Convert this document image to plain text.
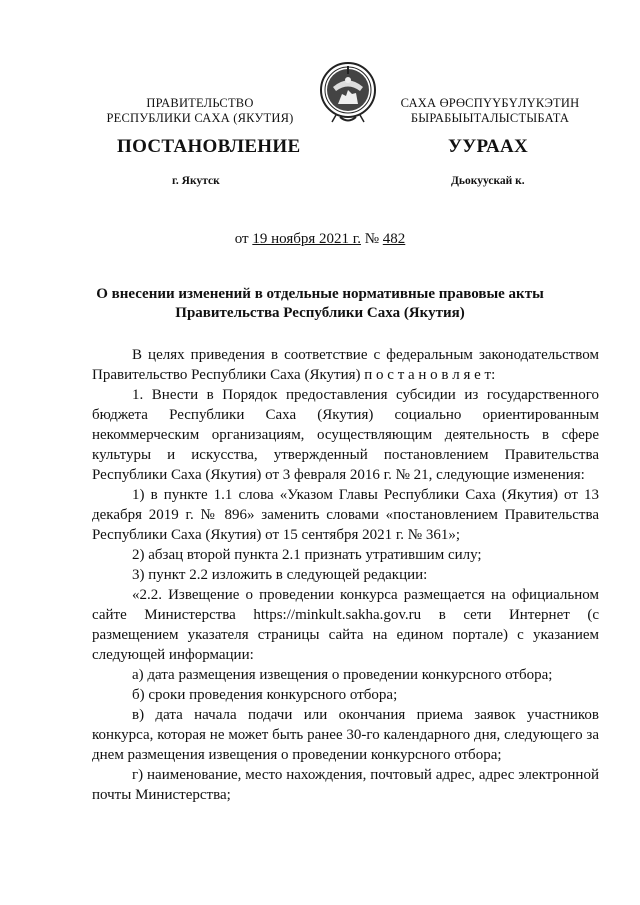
ПРАВИТЕЛЬСТВО
РЕСПУБЛИКИ САХА (ЯКУТИЯ)
САХА ӨРӨСПҮҮБҮЛҮКЭТИН
БЫРАБЫЫТАЛЫСТЫБАТА
ПОСТАНОВЛЕНИЕ	УУРААХ
г. Якутск	Дьокуускай к.
от 19 ноября 2021 г. № 482
О внесении изменений в отдельные нормативные правовые акты
Правительства Республики Саха (Якутия)

В целях приведения в соответствие с федеральным законодательством Правительство Республики Саха (Якутия) п о с т а н о в л я е т:

1. Внести в Порядок предоставления субсидии из государственного бюджета Республики Саха (Якутия) социально ориентированным некоммерческим организациям, осуществляющим деятельность в сфере культуры и искусства, утвержденный постановлением Правительства Республики Саха (Якутия) от 3 февраля 2016 г. № 21, следующие изменения:

1) в пункте 1.1 слова «Указом Главы Республики Саха (Якутия) от 13 декабря 2019 г. № 896» заменить словами «постановлением Правительства Республики Саха (Якутия) от 15 сентября 2021 г. № 361»;

2) абзац второй пункта 2.1 признать утратившим силу;

3) пункт 2.2 изложить в следующей редакции:

«2.2. Извещение о проведении конкурса размещается на официальном сайте Министерства https://minkult.sakha.gov.ru в сети Интернет (с размещением указателя страницы сайта на едином портале) с указанием следующей информации:

а) дата размещения извещения о проведении конкурсного отбора;

б) сроки проведения конкурсного отбора;

в) дата начала подачи или окончания приема заявок участников конкурса, которая не может быть ранее 30-го календарного дня, следующего за днем размещения извещения о проведении конкурсного отбора;

г) наименование, место нахождения, почтовый адрес, адрес электронной почты Министерства;
